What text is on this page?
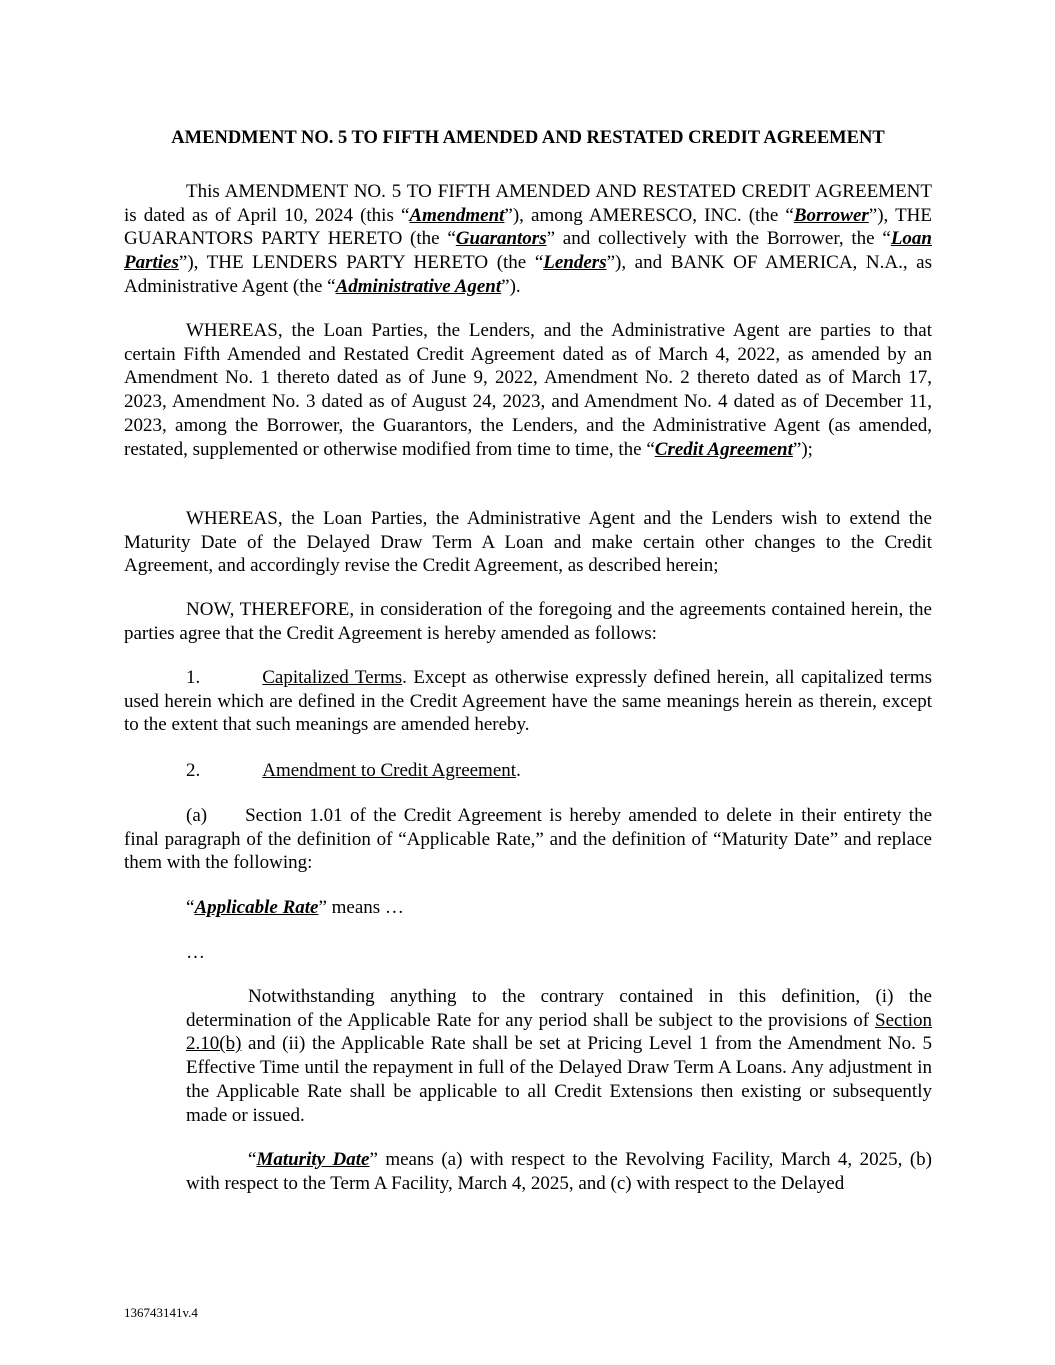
AMENDMENT NO. 5 TO FIFTH AMENDED AND RESTATED CREDIT AGREEMENT

This AMENDMENT NO. 5 TO FIFTH AMENDED AND RESTATED CREDIT AGREEMENT is dated as of April 10, 2024 (this “Amendment”), among AMERESCO, INC. (the “Borrower”), THE GUARANTORS PARTY HERETO (the “Guarantors” and collectively with the Borrower, the “Loan Parties”), THE LENDERS PARTY HERETO (the “Lenders”), and BANK OF AMERICA, N.A., as Administrative Agent (the “Administrative Agent”).

WHEREAS, the Loan Parties, the Lenders, and the Administrative Agent are parties to that certain Fifth Amended and Restated Credit Agreement dated as of March 4, 2022, as amended by an Amendment No. 1 thereto dated as of June 9, 2022, Amendment No. 2 thereto dated as of March 17, 2023, Amendment No. 3 dated as of August 24, 2023, and Amendment No. 4 dated as of December 11, 2023, among the Borrower, the Guarantors, the Lenders, and the Administrative Agent (as amended, restated, supplemented or otherwise modified from time to time, the “Credit Agreement”);

WHEREAS, the Loan Parties, the Administrative Agent and the Lenders wish to extend the Maturity Date of the Delayed Draw Term A Loan and make certain other changes to the Credit Agreement, and accordingly revise the Credit Agreement, as described herein;

NOW, THEREFORE, in consideration of the foregoing and the agreements contained herein, the parties agree that the Credit Agreement is hereby amended as follows:

1.	Capitalized Terms. Except as otherwise expressly defined herein, all capitalized terms used herein which are defined in the Credit Agreement have the same meanings herein as therein, except to the extent that such meanings are amended hereby.

2.	Amendment to Credit Agreement.

(a) Section 1.01 of the Credit Agreement is hereby amended to delete in their entirety the final paragraph of the definition of “Applicable Rate,” and the definition of “Maturity Date” and replace them with the following:

“Applicable Rate” means …

…

Notwithstanding anything to the contrary contained in this definition, (i) the determination of the Applicable Rate for any period shall be subject to the provisions of Section 2.10(b) and (ii) the Applicable Rate shall be set at Pricing Level 1 from the Amendment No. 5 Effective Time until the repayment in full of the Delayed Draw Term A Loans. Any adjustment in the Applicable Rate shall be applicable to all Credit Extensions then existing or subsequently made or issued.

“Maturity Date” means (a) with respect to the Revolving Facility, March 4, 2025, (b) with respect to the Term A Facility, March 4, 2025, and (c) with respect to the Delayed

136743141v.4
